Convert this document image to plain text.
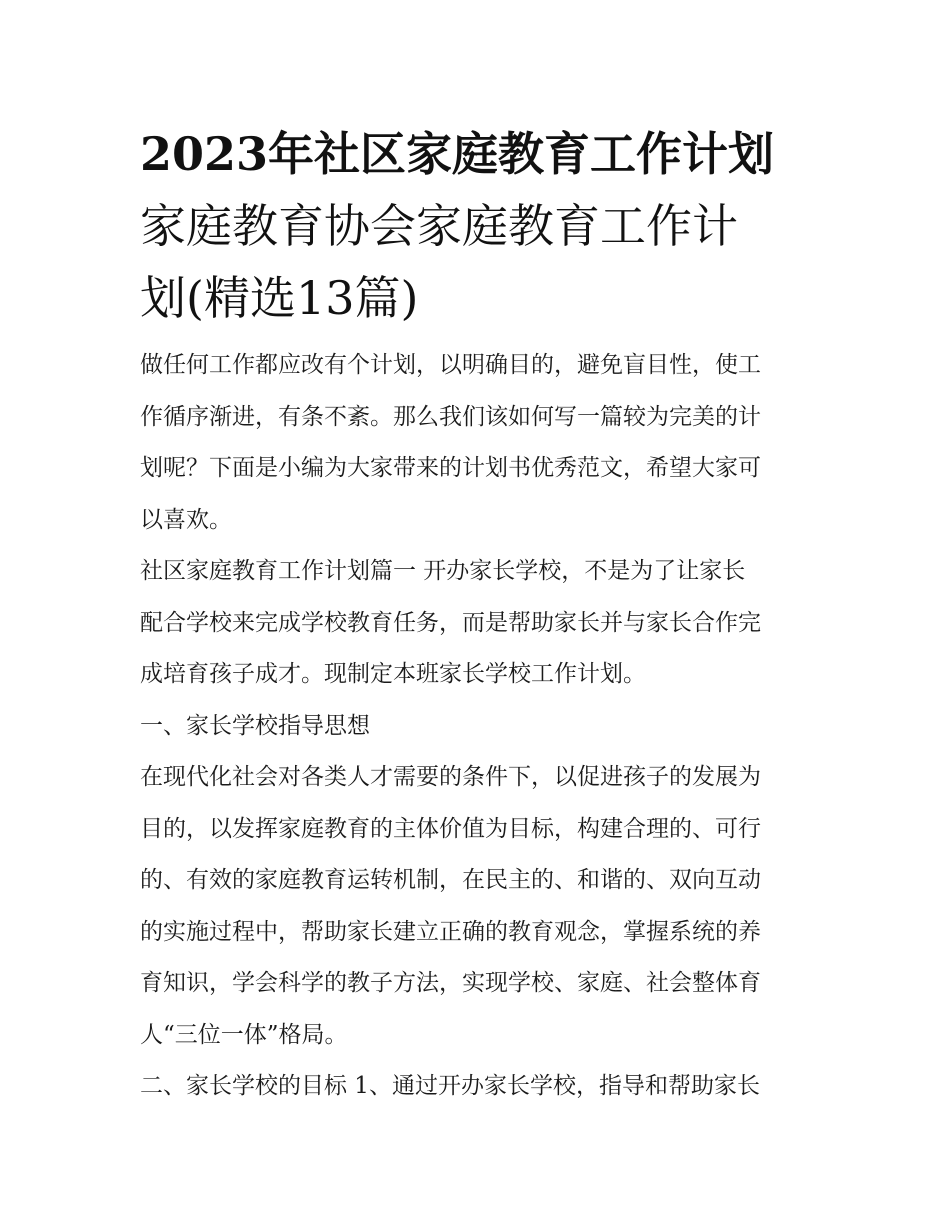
2023年社区家庭教育工作计划
家庭教育协会家庭教育工作计
划(精选13篇)

做任何工作都应改有个计划，以明确目的，避免盲目性，使工
作循序渐进，有条不紊。那么我们该如何写一篇较为完美的计
划呢？下面是小编为大家带来的计划书优秀范文，希望大家可
以喜欢。

社区家庭教育工作计划篇一 开办家长学校，不是为了让家长
配合学校来完成学校教育任务，而是帮助家长并与家长合作完
成培育孩子成才。现制定本班家长学校工作计划。

一、家长学校指导思想

在现代化社会对各类人才需要的条件下，以促进孩子的发展为
目的，以发挥家庭教育的主体价值为目标，构建合理的、可行
的、有效的家庭教育运转机制，在民主的、和谐的、双向互动
的实施过程中，帮助家长建立正确的教育观念，掌握系统的养
育知识，学会科学的教子方法，实现学校、家庭、社会整体育
人“三位一体”格局。

二、家长学校的目标 1、通过开办家长学校，指导和帮助家长
